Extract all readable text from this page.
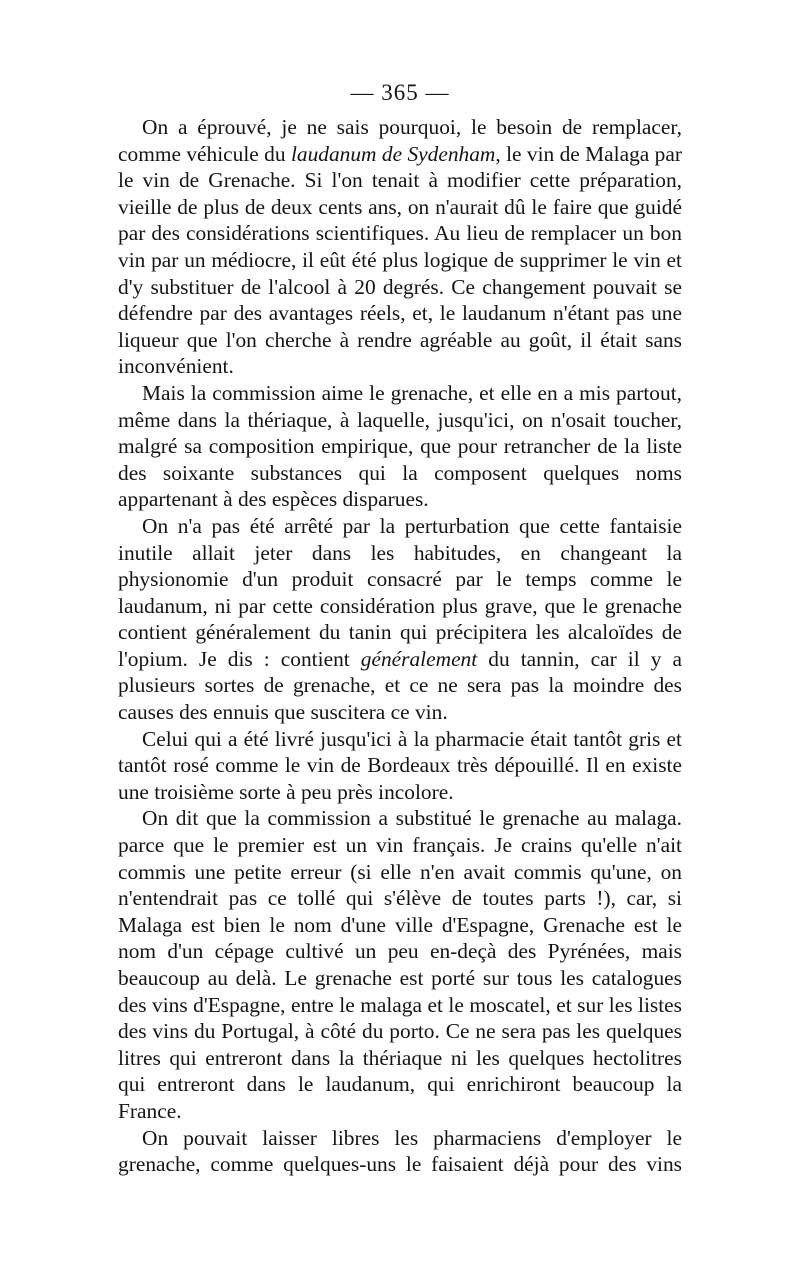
— 365 —

On a éprouvé, je ne sais pourquoi, le besoin de remplacer, comme véhicule du laudanum de Sydenham, le vin de Malaga par le vin de Grenache. Si l'on tenait à modifier cette préparation, vieille de plus de deux cents ans, on n'aurait dû le faire que guidé par des considérations scientifiques. Au lieu de remplacer un bon vin par un médiocre, il eût été plus logique de supprimer le vin et d'y substituer de l'alcool à 20 degrés. Ce changement pouvait se défendre par des avantages réels, et, le laudanum n'étant pas une liqueur que l'on cherche à rendre agréable au goût, il était sans inconvénient.

Mais la commission aime le grenache, et elle en a mis partout, même dans la thériaque, à laquelle, jusqu'ici, on n'osait toucher, malgré sa composition empirique, que pour retrancher de la liste des soixante substances qui la composent quelques noms appartenant à des espèces disparues.

On n'a pas été arrêté par la perturbation que cette fantaisie inutile allait jeter dans les habitudes, en changeant la physionomie d'un produit consacré par le temps comme le laudanum, ni par cette considération plus grave, que le grenache contient généralement du tanin qui précipitera les alcaloïdes de l'opium. Je dis : contient généralement du tannin, car il y a plusieurs sortes de grenache, et ce ne sera pas la moindre des causes des ennuis que suscitera ce vin.

Celui qui a été livré jusqu'ici à la pharmacie était tantôt gris et tantôt rosé comme le vin de Bordeaux très dépouillé. Il en existe une troisième sorte à peu près incolore.

On dit que la commission a substitué le grenache au malaga. parce que le premier est un vin français. Je crains qu'elle n'ait commis une petite erreur (si elle n'en avait commis qu'une, on n'entendrait pas ce tollé qui s'élève de toutes parts !), car, si Malaga est bien le nom d'une ville d'Espagne, Grenache est le nom d'un cépage cultivé un peu en-deçà des Pyrénées, mais beaucoup au delà. Le grenache est porté sur tous les catalogues des vins d'Espagne, entre le malaga et le moscatel, et sur les listes des vins du Portugal, à côté du porto. Ce ne sera pas les quelques litres qui entreront dans la thériaque ni les quelques hectolitres qui entreront dans le laudanum, qui enrichiront beaucoup la France.

On pouvait laisser libres les pharmaciens d'employer le grenache, comme quelques-uns le faisaient déjà pour des vins
